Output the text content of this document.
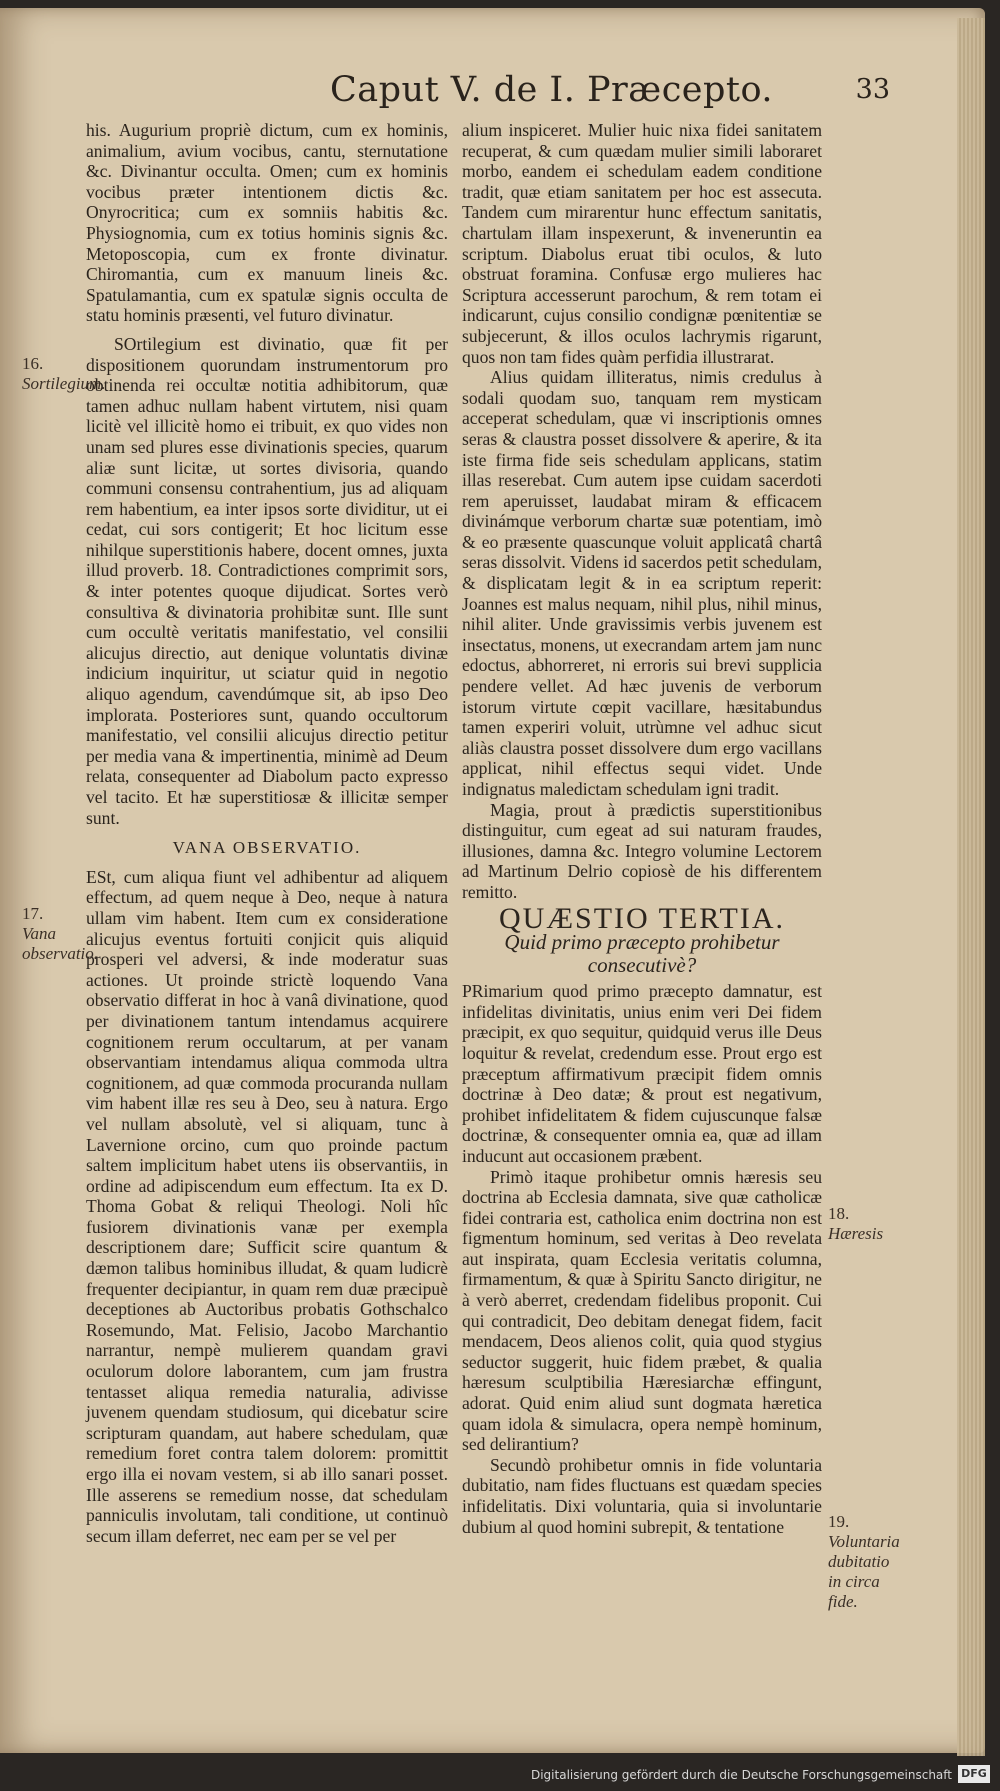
Caput V. de I. Præcepto.	33

his. Augurium propriè dictum, cum ex hominis, animalium, avium vocibus, cantu, sternutatione &c. Divinantur occulta. Omen; cum ex hominis vocibus præter intentionem dictis &c. Onyrocritica; cum ex somniis habitis &c. Physiognomia, cum ex totius hominis signis &c. Metoposcopia, cum ex fronte divinatur. Chiromantia, cum ex manuum lineis &c. Spatulamantia, cum ex spatulæ signis occulta de statu hominis præsenti, vel futuro divinatur.

SOrtilegium est divinatio, quæ fit per dispositionem quorundam instrumentorum pro obtinenda rei occultæ notitia adhibitorum, quæ tamen adhuc nullam habent virtutem, nisi quam licitè vel illicitè homo ei tribuit, ex quo vides non unam sed plures esse divinationis species, quarum aliæ sunt licitæ, ut sortes divisoria, quando communi consensu contrahentium, jus ad aliquam rem habentium, ea inter ipsos sorte dividitur, ut ei cedat, cui sors contigerit; Et hoc licitum esse nihilque superstitionis habere, docent omnes, juxta illud proverb. 18. Contradictiones comprimit sors, & inter potentes quoque dijudicat. Sortes verò consultiva & divinatoria prohibitæ sunt. Ille sunt cum occultè veritatis manifestatio, vel consilii alicujus directio, aut denique voluntatis divinæ indicium inquiritur, ut sciatur quid in negotio aliquo agendum, cavendúmque sit, ab ipso Deo implorata. Posteriores sunt, quando occultorum manifestatio, vel consilii alicujus directio petitur per media vana & impertinentia, minimè ad Deum relata, consequenter ad Diabolum pacto expresso vel tacito. Et hæ superstitiosæ & illicitæ semper sunt.

VANA OBSERVATIO.

ESt, cum aliqua fiunt vel adhibentur ad aliquem effectum, ad quem neque à Deo, neque à natura ullam vim habent. Item cum ex consideratione alicujus eventus fortuiti conjicit quis aliquid prosperi vel adversi, & inde moderatur suas actiones. Ut proinde strictè loquendo Vana observatio differat in hoc à vanâ divinatione, quod per divinationem tantum intendamus acquirere cognitionem rerum occultarum, at per vanam observantiam intendamus aliqua commoda ultra cognitionem, ad quæ commoda procuranda nullam vim habent illæ res seu à Deo, seu à natura. Ergo vel nullam absolutè, vel si aliquam, tunc à Lavernione orcino, cum quo proinde pactum saltem implicitum habet utens iis observantiis, in ordine ad adipiscendum eum effectum. Ita ex D. Thoma Gobat & reliqui Theologi. Noli hîc fusiorem divinationis vanæ per exempla descriptionem dare; Sufficit scire quantum & dæmon talibus hominibus illudat, & quam ludicrè frequenter decipiantur, in quam rem duæ præcipuè deceptiones ab Auctoribus probatis Gothschalco Rosemundo, Mat. Felisio, Jacobo Marchantio narrantur, nempè mulierem quandam gravi oculorum dolore laborantem, cum jam frustra tentasset aliqua remedia naturalia, adivisse juvenem quendam studiosum, qui dicebatur scire scripturam quandam, aut habere schedulam, quæ remedium foret contra talem dolorem: promittit ergo illa ei novam vestem, si ab illo sanari posset. Ille asserens se remedium nosse, dat schedulam panniculis involutam, tali conditione, ut continuò secum illam deferret, nec eam per se vel per

alium inspiceret. Mulier huic nixa fidei sanitatem recuperat, & cum quædam mulier simili laboraret morbo, eandem ei schedulam eadem conditione tradit, quæ etiam sanitatem per hoc est assecuta. Tandem cum mirarentur hunc effectum sanitatis, chartulam illam inspexerunt, & inveneruntin ea scriptum. Diabolus eruat tibi oculos, & luto obstruat foramina. Confusæ ergo mulieres hac Scriptura accesserunt parochum, & rem totam ei indicarunt, cujus consilio condignæ pœnitentiæ se subjecerunt, & illos oculos lachrymis rigarunt, quos non tam fides quàm perfidia illustrarat.

Alius quidam illiteratus, nimis credulus à sodali quodam suo, tanquam rem mysticam acceperat schedulam, quæ vi inscriptionis omnes seras & claustra posset dissolvere & aperire, & ita iste firma fide seis schedulam applicans, statim illas reserebat. Cum autem ipse cuidam sacerdoti rem aperuisset, laudabat miram & efficacem divinámque verborum chartæ suæ potentiam, imò & eo præsente quascunque voluit applicatâ chartâ seras dissolvit. Videns id sacerdos petit schedulam, & displicatam legit & in ea scriptum reperit: Joannes est malus nequam, nihil plus, nihil minus, nihil aliter. Unde gravissimis verbis juvenem est insectatus, monens, ut execrandam artem jam nunc edoctus, abhorreret, ni erroris sui brevi supplicia pendere vellet. Ad hæc juvenis de verborum istorum virtute cœpit vacillare, hæsitabundus tamen experiri voluit, utrùmne vel adhuc sicut aliàs claustra posset dissolvere dum ergo vacillans applicat, nihil effectus sequi videt. Unde indignatus maledictam schedulam igni tradit.

Magia, prout à prædictis superstitionibus distinguitur, cum egeat ad sui naturam fraudes, illusiones, damna &c. Integro volumine Lectorem ad Martinum Delrio copiosè de his differentem remitto.

QUÆSTIO TERTIA.

Quid primo præcepto prohibetur consecutivè?

PRimarium quod primo præcepto damnatur, est infidelitas divinitatis, unius enim veri Dei fidem præcipit, ex quo sequitur, quidquid verus ille Deus loquitur & revelat, credendum esse. Prout ergo est præceptum affirmativum præcipit fidem omnis doctrinæ à Deo datæ; & prout est negativum, prohibet infidelitatem & fidem cujuscunque falsæ doctrinæ, & consequenter omnia ea, quæ ad illam inducunt aut occasionem præbent.

Primò itaque prohibetur omnis hæresis seu doctrina ab Ecclesia damnata, sive quæ catholicæ fidei contraria est, catholica enim doctrina non est figmentum hominum, sed veritas à Deo revelata aut inspirata, quam Ecclesia veritatis columna, firmamentum, & quæ à Spiritu Sancto dirigitur, ne à verò aberret, credendam fidelibus proponit. Cui qui contradicit, Deo debitam denegat fidem, facit mendacem, Deos alienos colit, quia quod stygius seductor suggerit, huic fidem præbet, & qualia hæresum sculptibilia Hæresiarchæ effingunt, adorat. Quid enim aliud sunt dogmata hæretica quam idola & simulacra, opera nempè hominum, sed delirantium?

Secundò prohibetur omnis in fide voluntaria dubitatio, nam fides fluctuans est quædam species infidelitatis. Dixi voluntaria, quia si involuntarie dubium al quod homini subrepit, & tentatione

16.
Sortilegium.
17.
Vana observatio.
18.
Hæresis
19.
Voluntaria dubitatio in circa fide.
Digitalisierung gefördert durch die Deutsche Forschungsgemeinschaft DFG
